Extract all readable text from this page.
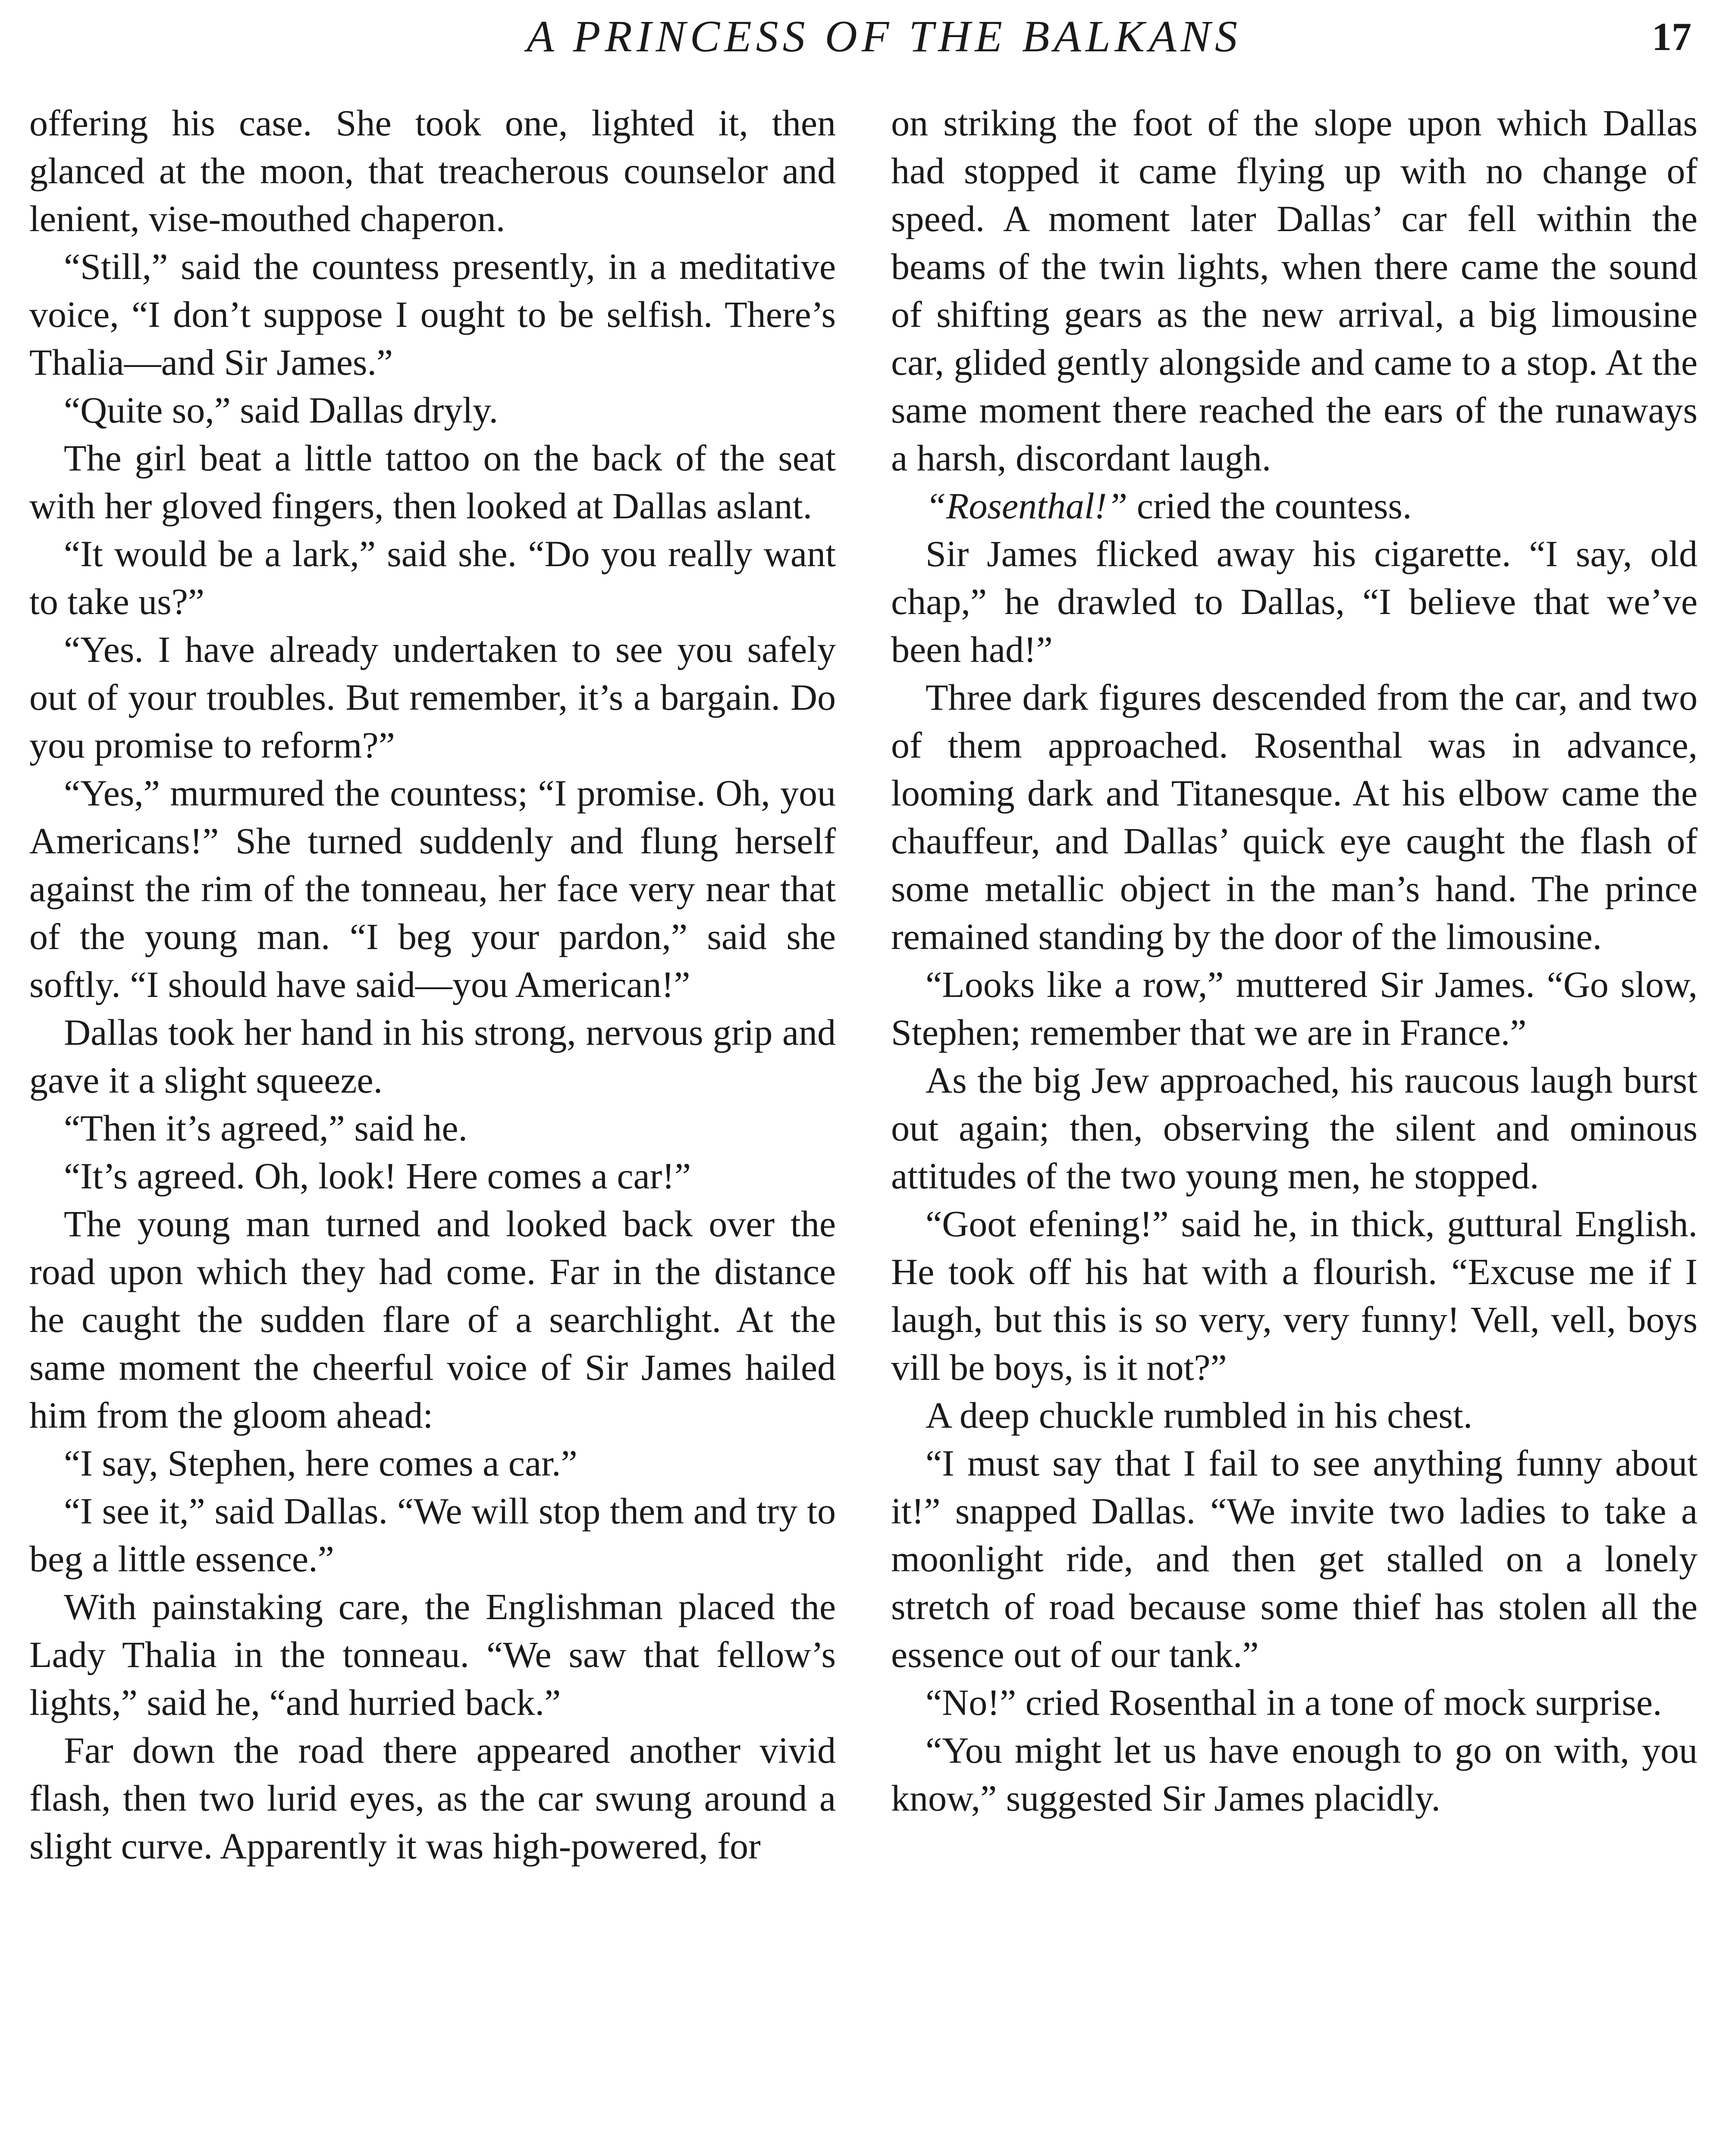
A PRINCESS OF THE BALKANS	17

offering his case. She took one, lighted it, then glanced at the moon, that treacherous counselor and lenient, vise-mouthed chaperon.

“Still,” said the countess presently, in a meditative voice, “I don’t suppose I ought to be selfish. There’s Thalia—and Sir James.”

“Quite so,” said Dallas dryly.

The girl beat a little tattoo on the back of the seat with her gloved fingers, then looked at Dallas aslant.

“It would be a lark,” said she. “Do you really want to take us?”

“Yes. I have already undertaken to see you safely out of your troubles. But remember, it’s a bargain. Do you promise to reform?”

“Yes,” murmured the countess; “I promise. Oh, you Americans!” She turned suddenly and flung herself against the rim of the tonneau, her face very near that of the young man. “I beg your pardon,” said she softly. “I should have said—you American!”

Dallas took her hand in his strong, nervous grip and gave it a slight squeeze.

“Then it’s agreed,” said he.

“It’s agreed. Oh, look! Here comes a car!”

The young man turned and looked back over the road upon which they had come. Far in the distance he caught the sudden flare of a searchlight. At the same moment the cheerful voice of Sir James hailed him from the gloom ahead:

“I say, Stephen, here comes a car.”

“I see it,” said Dallas. “We will stop them and try to beg a little essence.”

With painstaking care, the Englishman placed the Lady Thalia in the tonneau. “We saw that fellow’s lights,” said he, “and hurried back.”

Far down the road there appeared another vivid flash, then two lurid eyes, as the car swung around a slight curve. Apparently it was high-powered, for

on striking the foot of the slope upon which Dallas had stopped it came flying up with no change of speed. A moment later Dallas’ car fell within the beams of the twin lights, when there came the sound of shifting gears as the new arrival, a big limousine car, glided gently alongside and came to a stop. At the same moment there reached the ears of the runaways a harsh, discordant laugh.

“Rosenthal!” cried the countess.

Sir James flicked away his cigarette. “I say, old chap,” he drawled to Dallas, “I believe that we’ve been had!”

Three dark figures descended from the car, and two of them approached. Rosenthal was in advance, looming dark and Titanesque. At his elbow came the chauffeur, and Dallas’ quick eye caught the flash of some metallic object in the man’s hand. The prince remained standing by the door of the limousine.

“Looks like a row,” muttered Sir James. “Go slow, Stephen; remember that we are in France.”

As the big Jew approached, his raucous laugh burst out again; then, observing the silent and ominous attitudes of the two young men, he stopped.

“Goot efening!” said he, in thick, guttural English. He took off his hat with a flourish. “Excuse me if I laugh, but this is so very, very funny! Vell, vell, boys vill be boys, is it not?”

A deep chuckle rumbled in his chest.

“I must say that I fail to see anything funny about it!” snapped Dallas. “We invite two ladies to take a moonlight ride, and then get stalled on a lonely stretch of road because some thief has stolen all the essence out of our tank.”

“No!” cried Rosenthal in a tone of mock surprise.

“You might let us have enough to go on with, you know,” suggested Sir James placidly.
